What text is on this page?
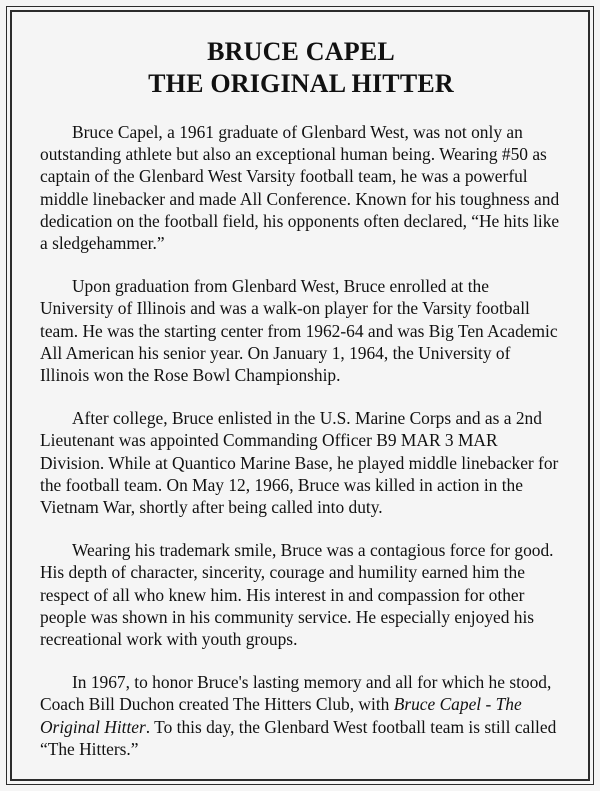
BRUCE CAPEL
THE ORIGINAL HITTER

Bruce Capel, a 1961 graduate of Glenbard West, was not only an outstanding athlete but also an exceptional human being. Wearing #50 as captain of the Glenbard West Varsity football team, he was a powerful middle linebacker and made All Conference. Known for his toughness and dedication on the football field, his opponents often declared, “He hits like a sledgehammer.”

Upon graduation from Glenbard West, Bruce enrolled at the University of Illinois and was a walk-on player for the Varsity football team. He was the starting center from 1962-64 and was Big Ten Academic All American his senior year. On January 1, 1964, the University of Illinois won the Rose Bowl Championship.

After college, Bruce enlisted in the U.S. Marine Corps and as a 2nd Lieutenant was appointed Commanding Officer B9 MAR 3 MAR Division. While at Quantico Marine Base, he played middle linebacker for the football team. On May 12, 1966, Bruce was killed in action in the Vietnam War, shortly after being called into duty.

Wearing his trademark smile, Bruce was a contagious force for good. His depth of character, sincerity, courage and humility earned him the respect of all who knew him. His interest in and compassion for other people was shown in his community service. He especially enjoyed his recreational work with youth groups.

In 1967, to honor Bruce's lasting memory and all for which he stood, Coach Bill Duchon created The Hitters Club, with Bruce Capel - The Original Hitter. To this day, the Glenbard West football team is still called “The Hitters.”
